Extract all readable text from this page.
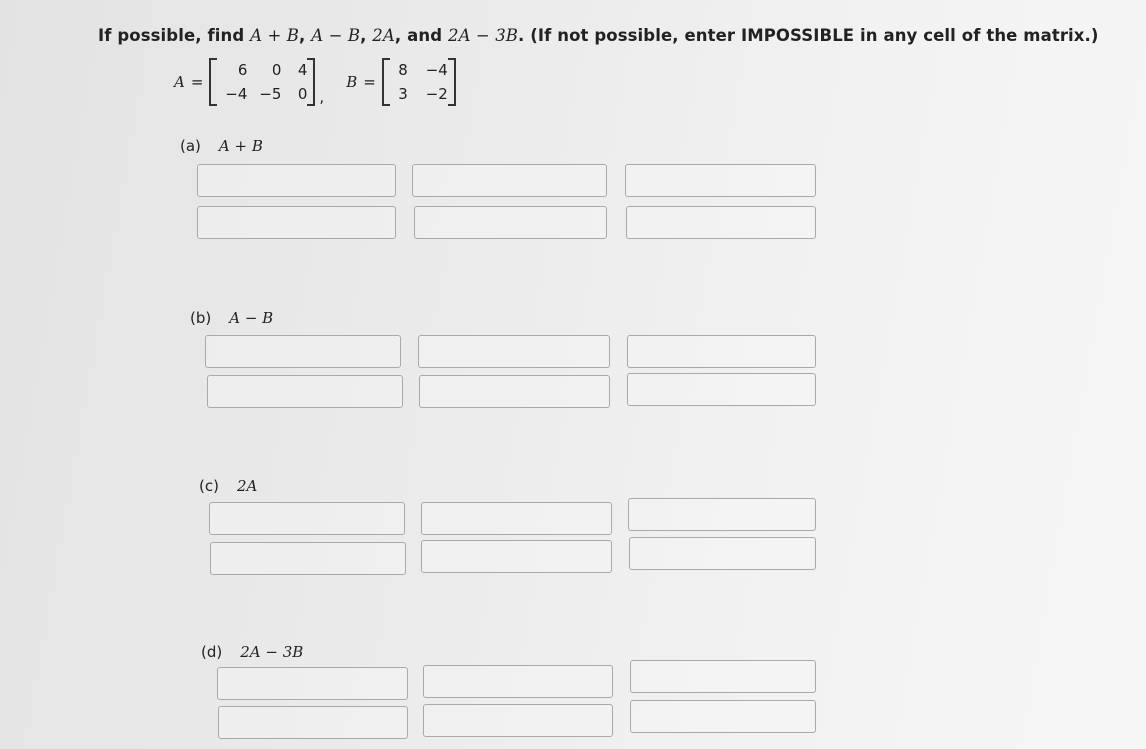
If possible, find A + B, A − B, 2A, and 2A − 3B. (If not possible, enter IMPOSSIBLE in any cell of the matrix.)
A =
6	0	4
−4 −5	0 ,
B =
8	−4
3	−2
(a) A + B
(b) A − B
(c) 2A
(d) 2A − 3B
